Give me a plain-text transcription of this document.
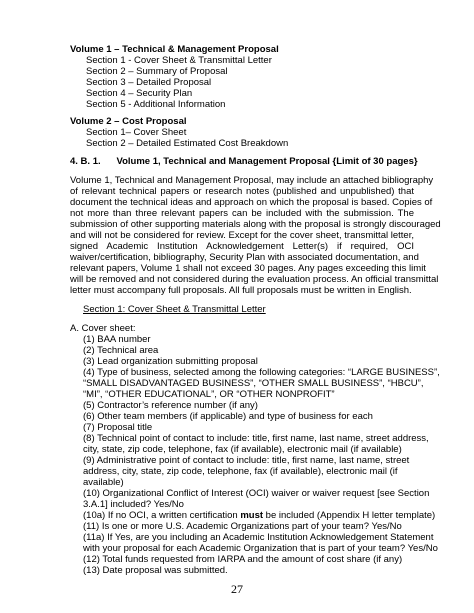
Volume 1 – Technical & Management Proposal
Section 1 - Cover Sheet & Transmittal Letter
Section 2 – Summary of Proposal
Section 3 – Detailed Proposal
Section 4 – Security Plan
Section 5 - Additional Information
Volume 2 – Cost Proposal
Section 1– Cover Sheet
Section 2 – Detailed Estimated Cost Breakdown
4. B. 1.      Volume 1, Technical and Management Proposal {Limit of 30 pages}
Volume 1, Technical and Management Proposal, may include an attached bibliography
of relevant technical papers or research notes (published and unpublished) that
document the technical ideas and approach on which the proposal is based. Copies of
not more than three relevant papers can be included with the submission. The
submission of other supporting materials along with the proposal is strongly discouraged
and will not be considered for review. Except for the cover sheet, transmittal letter,
signed Academic Institution Acknowledgement Letter(s) if required, OCI
waiver/certification, bibliography, Security Plan with associated documentation, and
relevant papers, Volume 1 shall not exceed 30 pages. Any pages exceeding this limit
will be removed and not considered during the evaluation process. An official transmittal
letter must accompany full proposals. All full proposals must be written in English.
Section 1: Cover Sheet & Transmittal Letter
A. Cover sheet:
(1) BAA number
(2) Technical area
(3) Lead organization submitting proposal
(4) Type of business, selected among the following categories: “LARGE BUSINESS”,
“SMALL DISADVANTAGED BUSINESS”, “OTHER SMALL BUSINESS”, “HBCU”,
“MI”, “OTHER EDUCATIONAL”, OR “OTHER NONPROFIT”
(5) Contractor’s reference number (if any)
(6) Other team members (if applicable) and type of business for each
(7) Proposal title
(8) Technical point of contact to include: title, first name, last name, street address,
city, state, zip code, telephone, fax (if available), electronic mail (if available)
(9) Administrative point of contact to include: title, first name, last name, street
address, city, state, zip code, telephone, fax (if available), electronic mail (if
available)
(10) Organizational Conflict of Interest (OCI) waiver or waiver request [see Section
3.A.1] included? Yes/No
(10a) If no OCI, a written certification must be included (Appendix H letter template)
(11) Is one or more U.S. Academic Organizations part of your team? Yes/No
(11a) If Yes, are you including an Academic Institution Acknowledgement Statement
with your proposal for each Academic Organization that is part of your team? Yes/No
(12) Total funds requested from IARPA and the amount of cost share (if any)
(13) Date proposal was submitted.
27
